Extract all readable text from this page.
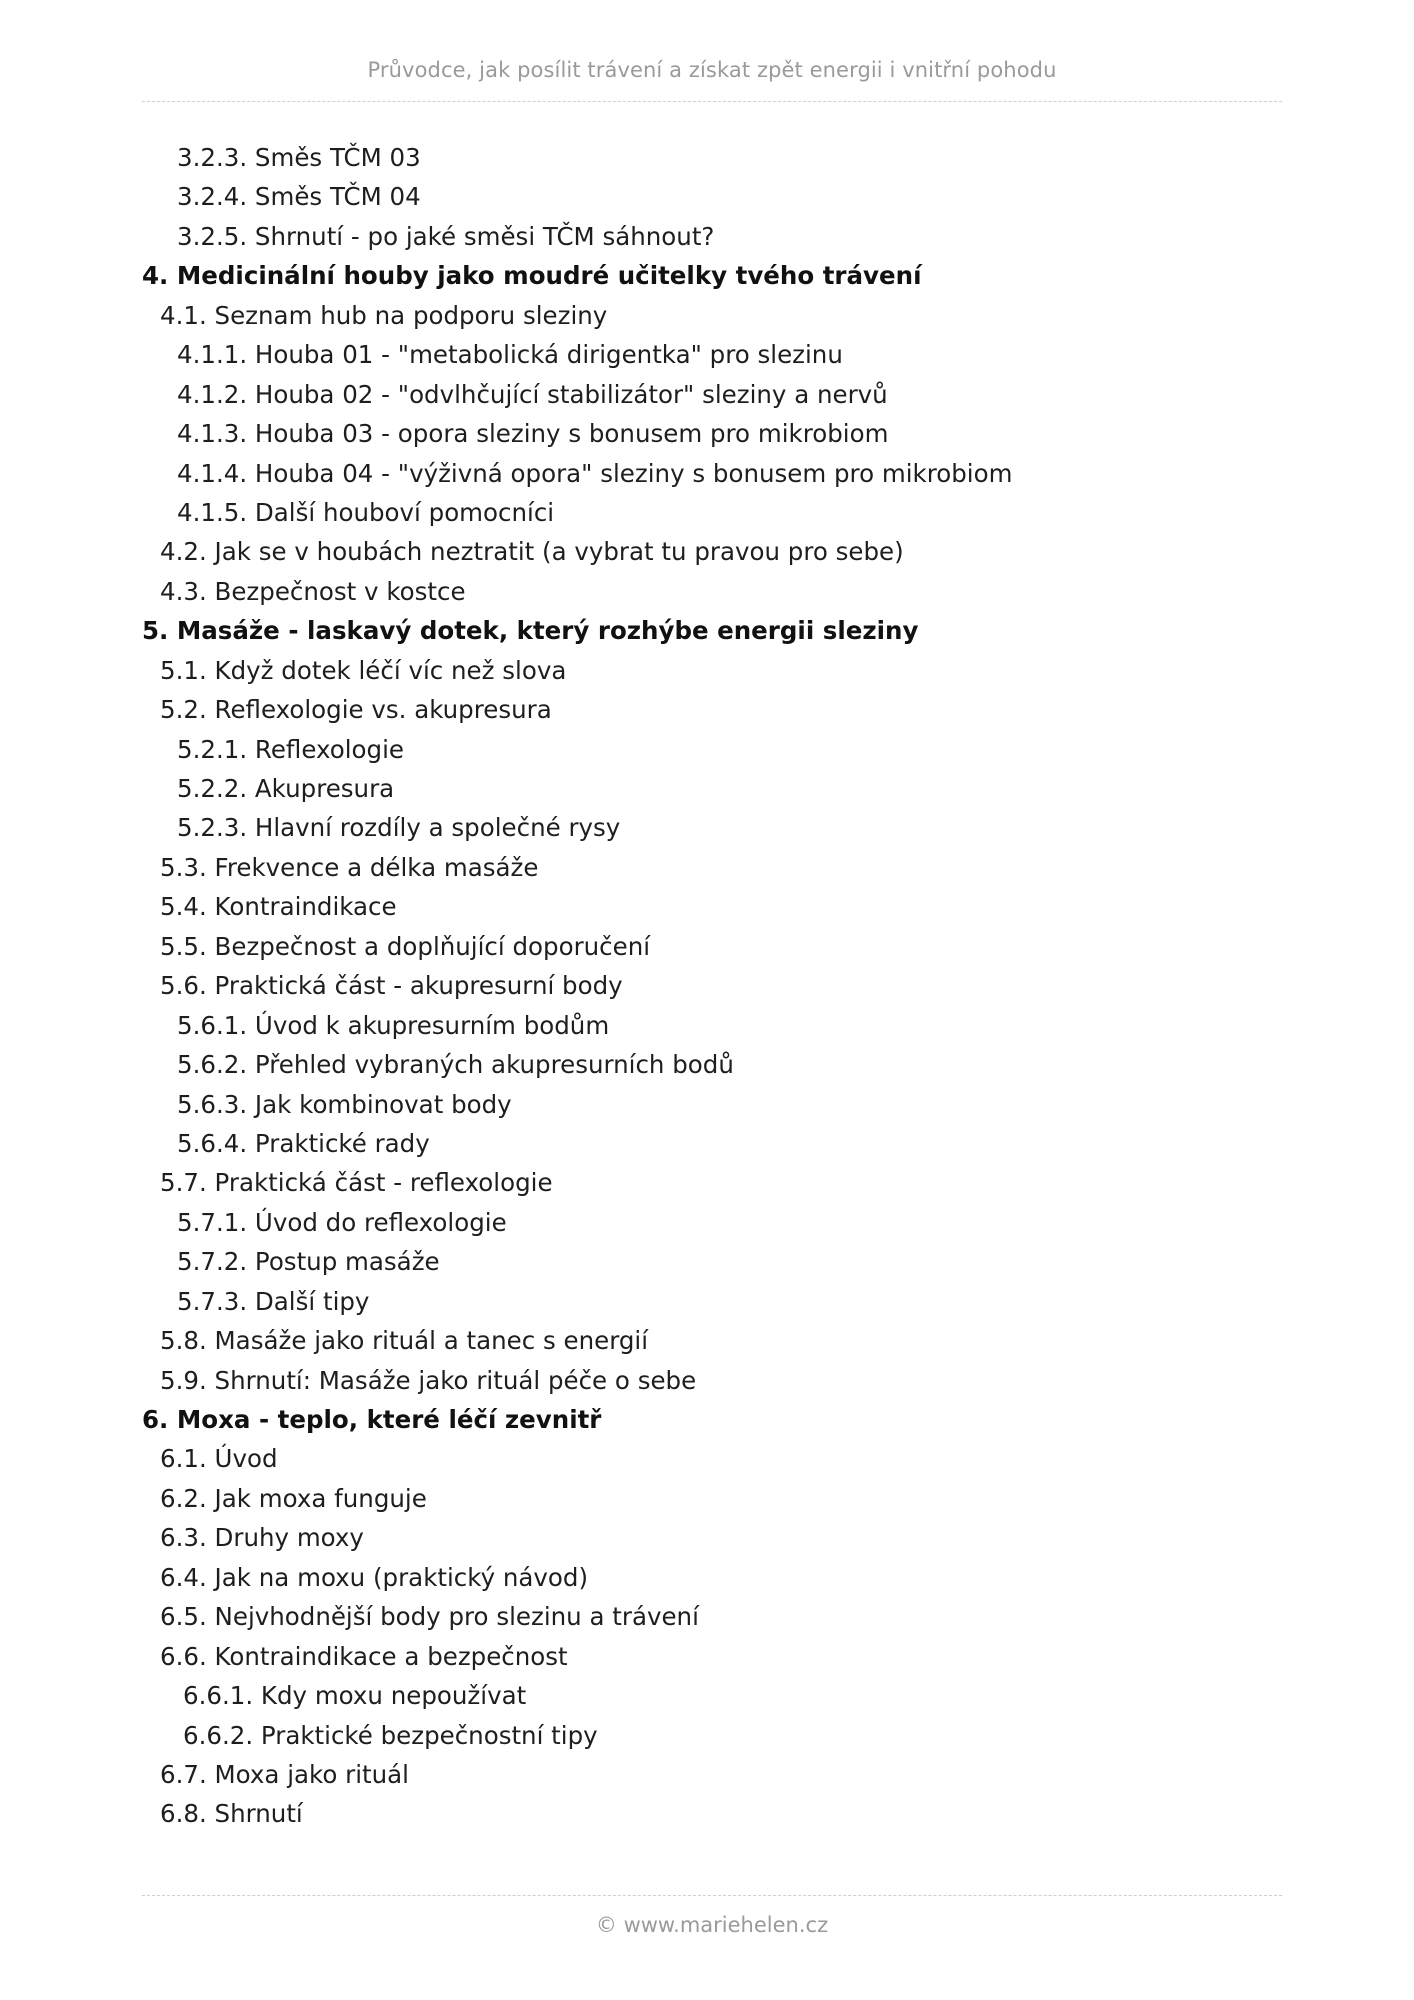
Průvodce, jak posílit trávení a získat zpět energii i vnitřní pohodu
3.2.3. Směs TČM 03
3.2.4. Směs TČM 04
3.2.5. Shrnutí - po jaké směsi TČM sáhnout?
4. Medicinální houby jako moudré učitelky tvého trávení
4.1. Seznam hub na podporu sleziny
4.1.1. Houba 01 - "metabolická dirigentka" pro slezinu
4.1.2. Houba 02 - "odvlhčující stabilizátor" sleziny a nervů
4.1.3. Houba 03 - opora sleziny s bonusem pro mikrobiom
4.1.4. Houba 04 - "výživná opora" sleziny s bonusem pro mikrobiom
4.1.5. Další houboví pomocníci
4.2. Jak se v houbách neztratit (a vybrat tu pravou pro sebe)
4.3. Bezpečnost v kostce
5. Masáže - laskavý dotek, který rozhýbe energii sleziny
5.1. Když dotek léčí víc než slova
5.2. Reflexologie vs. akupresura
5.2.1. Reflexologie
5.2.2. Akupresura
5.2.3. Hlavní rozdíly a společné rysy
5.3. Frekvence a délka masáže
5.4. Kontraindikace
5.5. Bezpečnost a doplňující doporučení
5.6. Praktická část - akupresurní body
5.6.1. Úvod k akupresurním bodům
5.6.2. Přehled vybraných akupresurních bodů
5.6.3. Jak kombinovat body
5.6.4. Praktické rady
5.7. Praktická část - reflexologie
5.7.1. Úvod do reflexologie
5.7.2. Postup masáže
5.7.3. Další tipy
5.8. Masáže jako rituál a tanec s energií
5.9. Shrnutí: Masáže jako rituál péče o sebe
6. Moxa - teplo, které léčí zevnitř
6.1. Úvod
6.2. Jak moxa funguje
6.3. Druhy moxy
6.4. Jak na moxu (praktický návod)
6.5. Nejvhodnější body pro slezinu a trávení
6.6. Kontraindikace a bezpečnost
6.6.1. Kdy moxu nepoužívat
6.6.2. Praktické bezpečnostní tipy
6.7. Moxa jako rituál
6.8. Shrnutí
© www.mariehelen.cz
